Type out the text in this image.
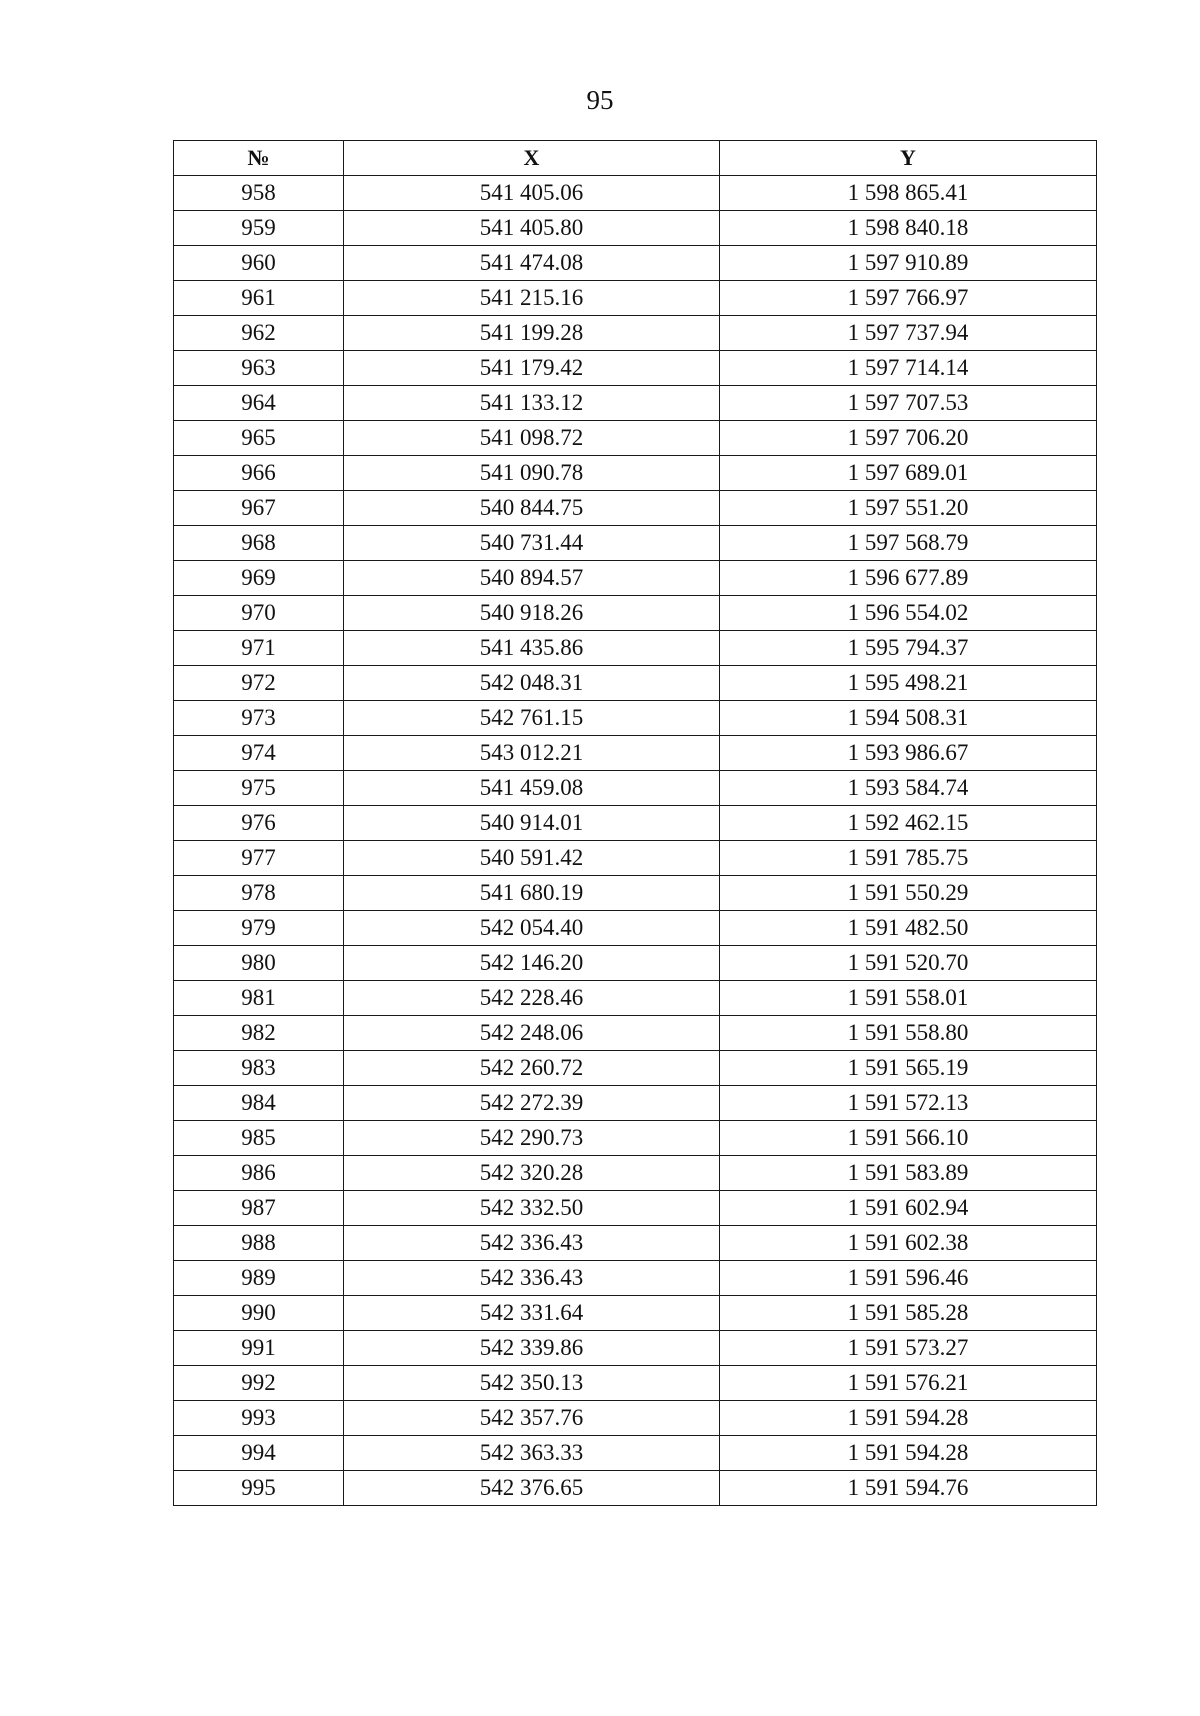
95
№	X	Y
958	541 405.06	1 598 865.41
959	541 405.80	1 598 840.18
960	541 474.08	1 597 910.89
961	541 215.16	1 597 766.97
962	541 199.28	1 597 737.94
963	541 179.42	1 597 714.14
964	541 133.12	1 597 707.53
965	541 098.72	1 597 706.20
966	541 090.78	1 597 689.01
967	540 844.75	1 597 551.20
968	540 731.44	1 597 568.79
969	540 894.57	1 596 677.89
970	540 918.26	1 596 554.02
971	541 435.86	1 595 794.37
972	542 048.31	1 595 498.21
973	542 761.15	1 594 508.31
974	543 012.21	1 593 986.67
975	541 459.08	1 593 584.74
976	540 914.01	1 592 462.15
977	540 591.42	1 591 785.75
978	541 680.19	1 591 550.29
979	542 054.40	1 591 482.50
980	542 146.20	1 591 520.70
981	542 228.46	1 591 558.01
982	542 248.06	1 591 558.80
983	542 260.72	1 591 565.19
984	542 272.39	1 591 572.13
985	542 290.73	1 591 566.10
986	542 320.28	1 591 583.89
987	542 332.50	1 591 602.94
988	542 336.43	1 591 602.38
989	542 336.43	1 591 596.46
990	542 331.64	1 591 585.28
991	542 339.86	1 591 573.27
992	542 350.13	1 591 576.21
993	542 357.76	1 591 594.28
994	542 363.33	1 591 594.28
995	542 376.65	1 591 594.76
